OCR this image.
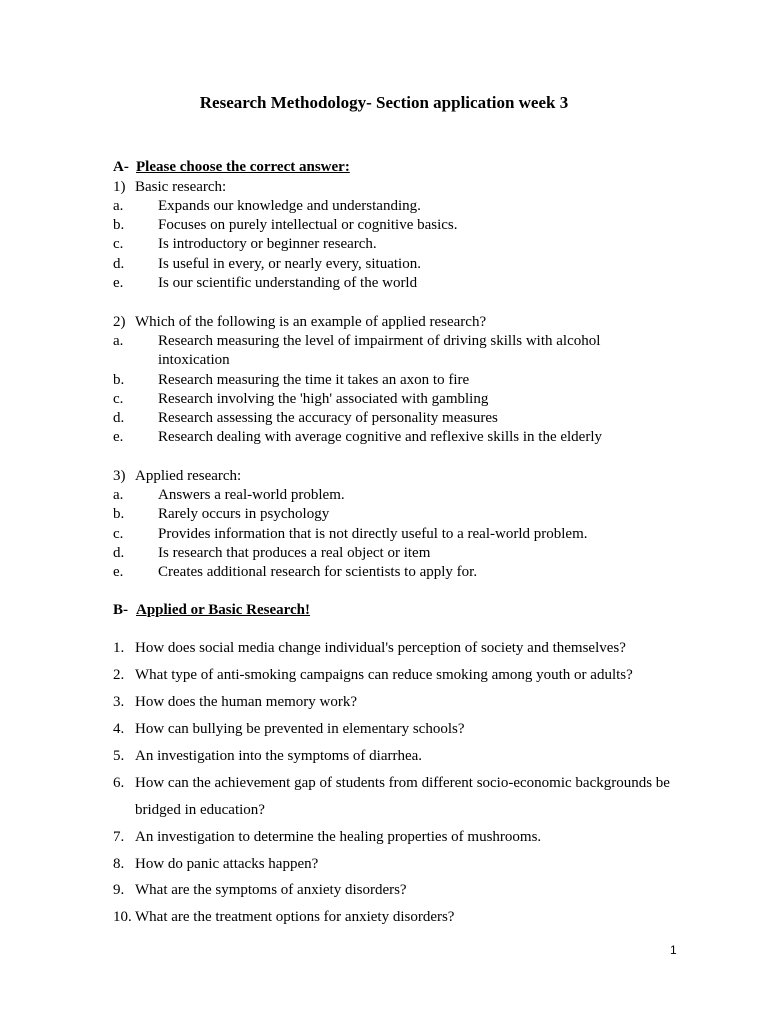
Research Methodology- Section application week 3
A- Please choose the correct answer:
1) Basic research:
a. Expands our knowledge and understanding.
b. Focuses on purely intellectual or cognitive basics.
c. Is introductory or beginner research.
d. Is useful in every, or nearly every, situation.
e. Is our scientific understanding of the world
2) Which of the following is an example of applied research?
a. Research measuring the level of impairment of driving skills with alcohol intoxication
b. Research measuring the time it takes an axon to fire
c. Research involving the 'high' associated with gambling
d. Research assessing the accuracy of personality measures
e. Research dealing with average cognitive and reflexive skills in the elderly
3) Applied research:
a. Answers a real-world problem.
b. Rarely occurs in psychology
c. Provides information that is not directly useful to a real-world problem.
d. Is research that produces a real object or item
e. Creates additional research for scientists to apply for.
B- Applied or Basic Research!
1. How does social media change individual's perception of society and themselves?
2. What type of anti-smoking campaigns can reduce smoking among youth or adults?
3. How does the human memory work?
4. How can bullying be prevented in elementary schools?
5. An investigation into the symptoms of diarrhea.
6. How can the achievement gap of students from different socio-economic backgrounds be bridged in education?
7. An investigation to determine the healing properties of mushrooms.
8. How do panic attacks happen?
9. What are the symptoms of anxiety disorders?
10. What are the treatment options for anxiety disorders?
1
